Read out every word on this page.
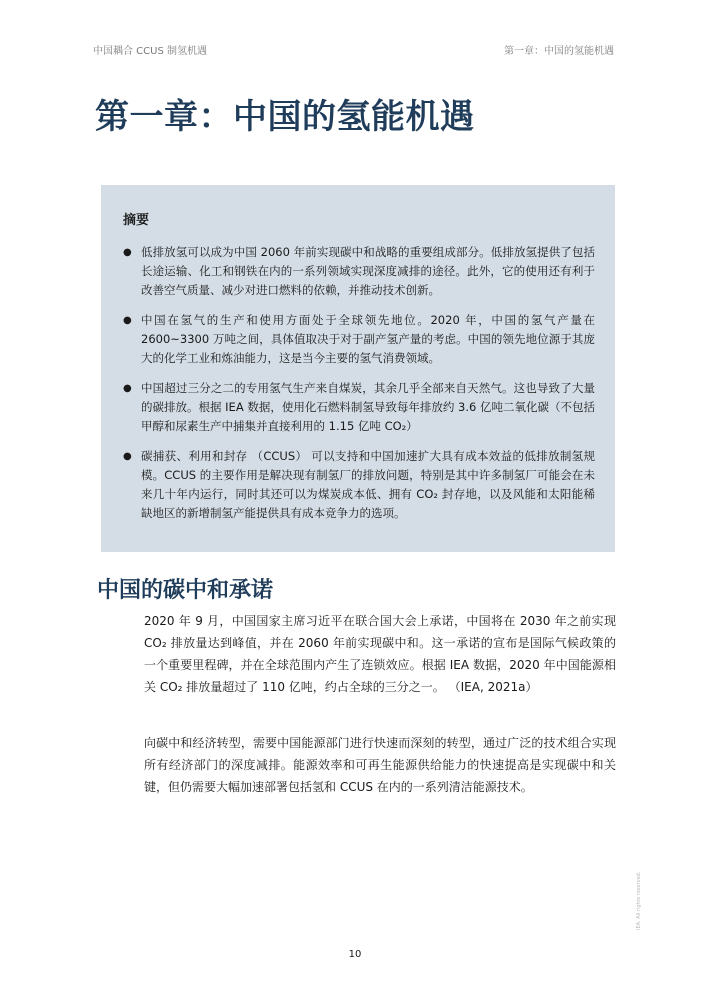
中国耦合 CCUS 制氢机遇	第一章：中国的氢能机遇
第一章：中国的氢能机遇
摘要
● 低排放氢可以成为中国 2060 年前实现碳中和战略的重要组成部分。低排放氢提供了包括长途运输、化工和钢铁在内的一系列领域实现深度减排的途径。此外，它的使用还有利于改善空气质量、减少对进口燃料的依赖，并推动技术创新。
● 中国在氢气的生产和使用方面处于全球领先地位。2020 年，中国的氢气产量在2600~3300 万吨之间，具体值取决于对于副产氢产量的考虑。中国的领先地位源于其庞大的化学工业和炼油能力，这是当今主要的氢气消费领域。
● 中国超过三分之二的专用氢气生产来自煤炭，其余几乎全部来自天然气。这也导致了大量的碳排放。根据 IEA 数据，使用化石燃料制氢导致每年排放约 3.6 亿吨二氧化碳（不包括甲醇和尿素生产中捕集并直接利用的 1.15 亿吨 CO₂）
● 碳捕获、利用和封存 （CCUS） 可以支持和中国加速扩大具有成本效益的低排放制氢规模。CCUS 的主要作用是解决现有制氢厂的排放问题，特别是其中许多制氢厂可能会在未来几十年内运行，同时其还可以为煤炭成本低、拥有 CO₂ 封存地，以及风能和太阳能稀缺地区的新增制氢产能提供具有成本竞争力的选项。
中国的碳中和承诺

2020 年 9 月，中国国家主席习近平在联合国大会上承诺，中国将在 2030 年之前实现 CO₂ 排放量达到峰值，并在 2060 年前实现碳中和。这一承诺的宣布是国际气候政策的一个重要里程碑，并在全球范围内产生了连锁效应。根据 IEA 数据，2020 年中国能源相关 CO₂ 排放量超过了 110 亿吨，约占全球的三分之一。 （IEA, 2021a）

向碳中和经济转型，需要中国能源部门进行快速而深刻的转型，通过广泛的技术组合实现所有经济部门的深度减排。能源效率和可再生能源供给能力的快速提高是实现碳中和关键，但仍需要大幅加速部署包括氢和 CCUS 在内的一系列清洁能源技术。

10
IEA. All rights reserved.
